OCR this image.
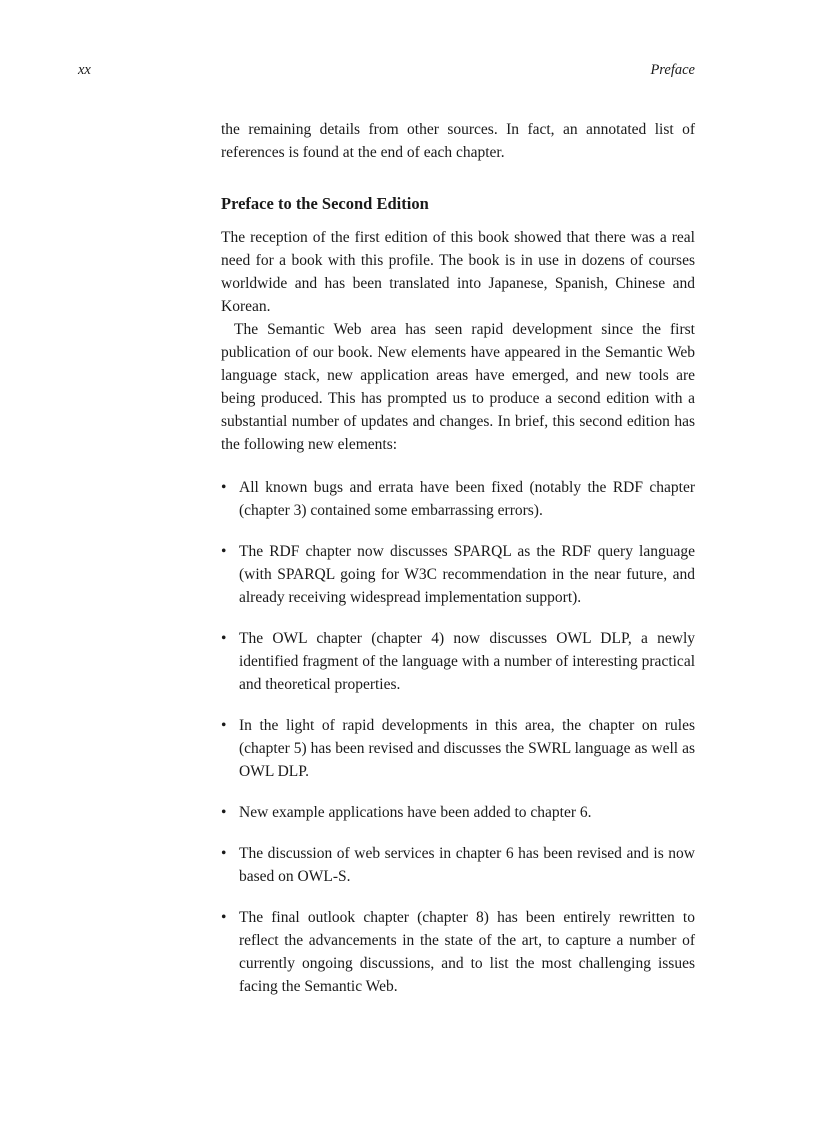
xx	Preface

the remaining details from other sources. In fact, an annotated list of references is found at the end of each chapter.

Preface to the Second Edition

The reception of the first edition of this book showed that there was a real need for a book with this profile. The book is in use in dozens of courses worldwide and has been translated into Japanese, Spanish, Chinese and Korean.

The Semantic Web area has seen rapid development since the first publication of our book. New elements have appeared in the Semantic Web language stack, new application areas have emerged, and new tools are being produced. This has prompted us to produce a second edition with a substantial number of updates and changes. In brief, this second edition has the following new elements:

• All known bugs and errata have been fixed (notably the RDF chapter (chapter 3) contained some embarrassing errors).
• The RDF chapter now discusses SPARQL as the RDF query language (with SPARQL going for W3C recommendation in the near future, and already receiving widespread implementation support).
• The OWL chapter (chapter 4) now discusses OWL DLP, a newly identified fragment of the language with a number of interesting practical and theoretical properties.
• In the light of rapid developments in this area, the chapter on rules (chapter 5) has been revised and discusses the SWRL language as well as OWL DLP.
• New example applications have been added to chapter 6.
• The discussion of web services in chapter 6 has been revised and is now based on OWL-S.
• The final outlook chapter (chapter 8) has been entirely rewritten to reflect the advancements in the state of the art, to capture a number of currently ongoing discussions, and to list the most challenging issues facing the Semantic Web.
